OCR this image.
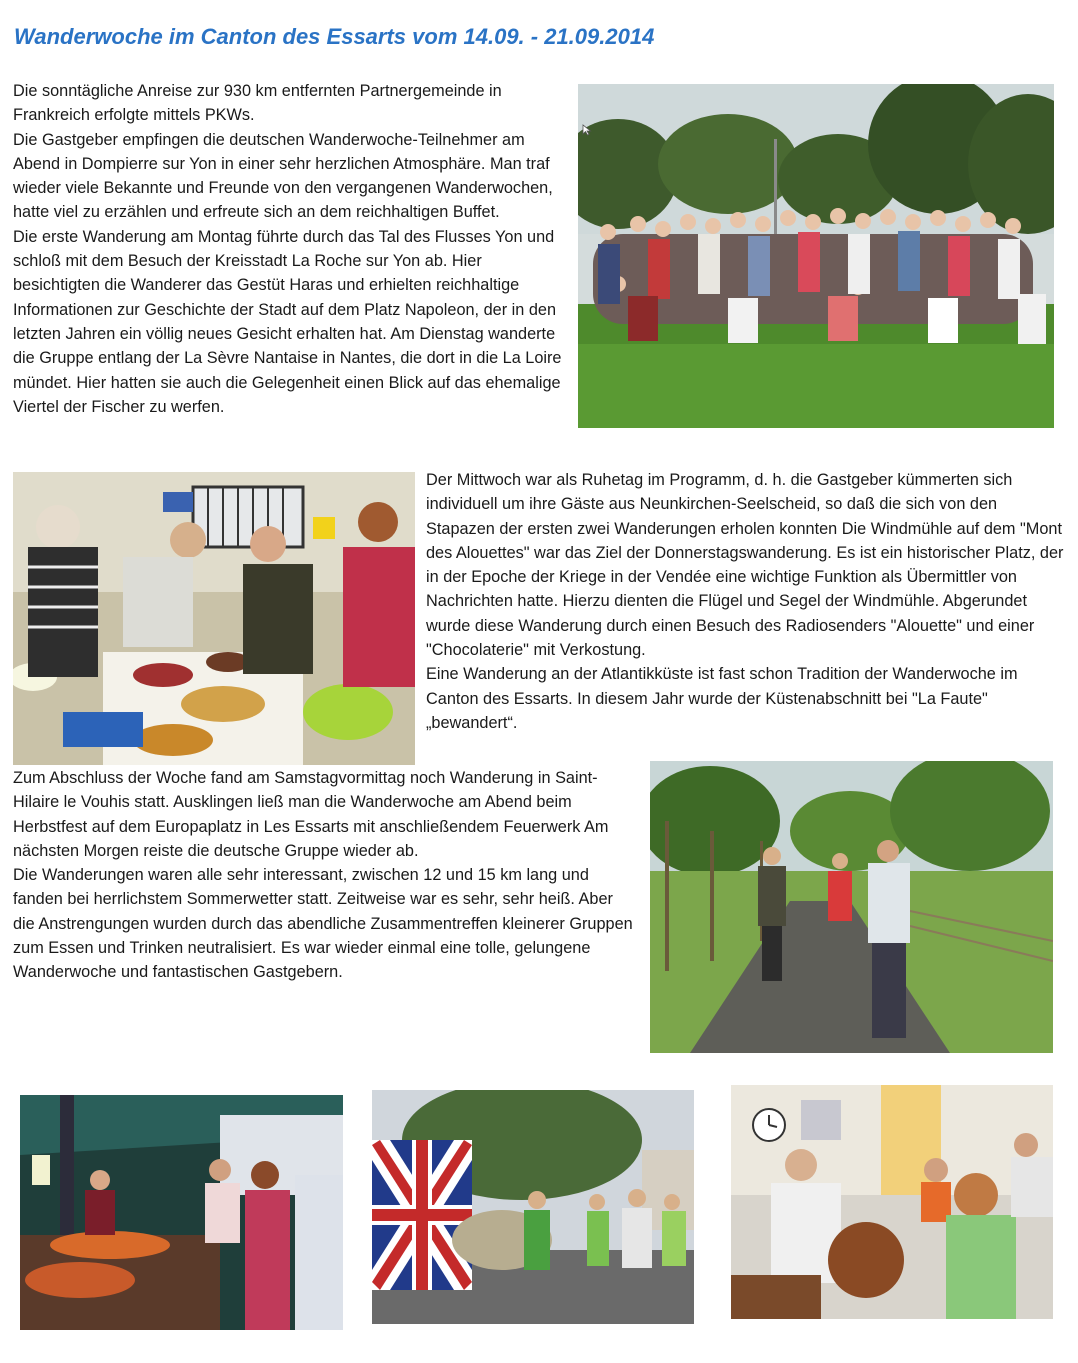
Wanderwoche im Canton des Essarts vom 14.09. - 21.09.2014

Die sonntägliche Anreise zur 930 km entfernten Partnergemeinde in Frankreich erfolgte mittels PKWs.

Die Gastgeber empfingen die deutschen Wanderwoche-Teilnehmer am Abend in Dompierre sur Yon in einer sehr herzlichen Atmosphäre. Man traf wieder viele Bekannte und Freunde von den vergangenen Wanderwochen, hatte viel zu erzählen und erfreute sich an dem reichhaltigen Buffet.

Die erste Wanderung am Montag führte durch das Tal des Flusses Yon und schloß mit dem Besuch der Kreisstadt La Roche sur Yon ab. Hier besichtigten die Wanderer das Gestüt Haras und erhielten reichhaltige Informationen zur Geschichte der Stadt auf dem Platz Napoleon, der in den letzten Jahren ein völlig neues Gesicht erhalten hat. Am Dienstag wanderte die Gruppe entlang der La Sèvre Nantaise in Nantes, die dort in die La Loire mündet. Hier hatten sie auch die Gelegenheit einen Blick auf das ehemalige Viertel der Fischer zu werfen.

Der Mittwoch war als Ruhetag im Programm, d. h. die Gastgeber kümmerten sich individuell um ihre Gäste aus Neunkirchen-Seelscheid, so daß die sich von den Stapazen der ersten zwei Wanderungen erholen konnten Die Windmühle auf dem "Mont des Alouettes" war das Ziel der Donnerstagswanderung. Es ist ein historischer Platz, der in der Epoche der Kriege in der Vendée eine wichtige Funktion als Übermittler von Nachrichten hatte. Hierzu dienten die Flügel und Segel der Windmühle. Abgerundet wurde diese Wanderung durch einen Besuch des Radiosenders "Alouette" und einer "Chocolaterie" mit Verkostung.

Eine Wanderung an der Atlantikküste ist fast schon Tradition der Wanderwoche im Canton des Essarts. In diesem Jahr wurde der Küstenabschnitt bei "La Faute" „bewandert“.

Zum Abschluss der Woche fand am Samstagvormittag noch Wanderung in Saint-Hilaire le Vouhis statt. Ausklingen ließ man die Wanderwoche am Abend beim Herbstfest auf dem Europaplatz in Les Essarts mit anschließendem Feuerwerk Am nächsten Morgen reiste die deutsche Gruppe wieder ab.

Die Wanderungen waren alle sehr interessant, zwischen 12 und 15 km lang und fanden bei herrlichstem Sommerwetter statt. Zeitweise war es sehr, sehr heiß. Aber die Anstrengungen wurden durch das abendliche Zusammentreffen kleinerer Gruppen zum Essen und Trinken neutralisiert. Es war wieder einmal eine tolle, gelungene Wanderwoche und fantastischen Gastgebern.
